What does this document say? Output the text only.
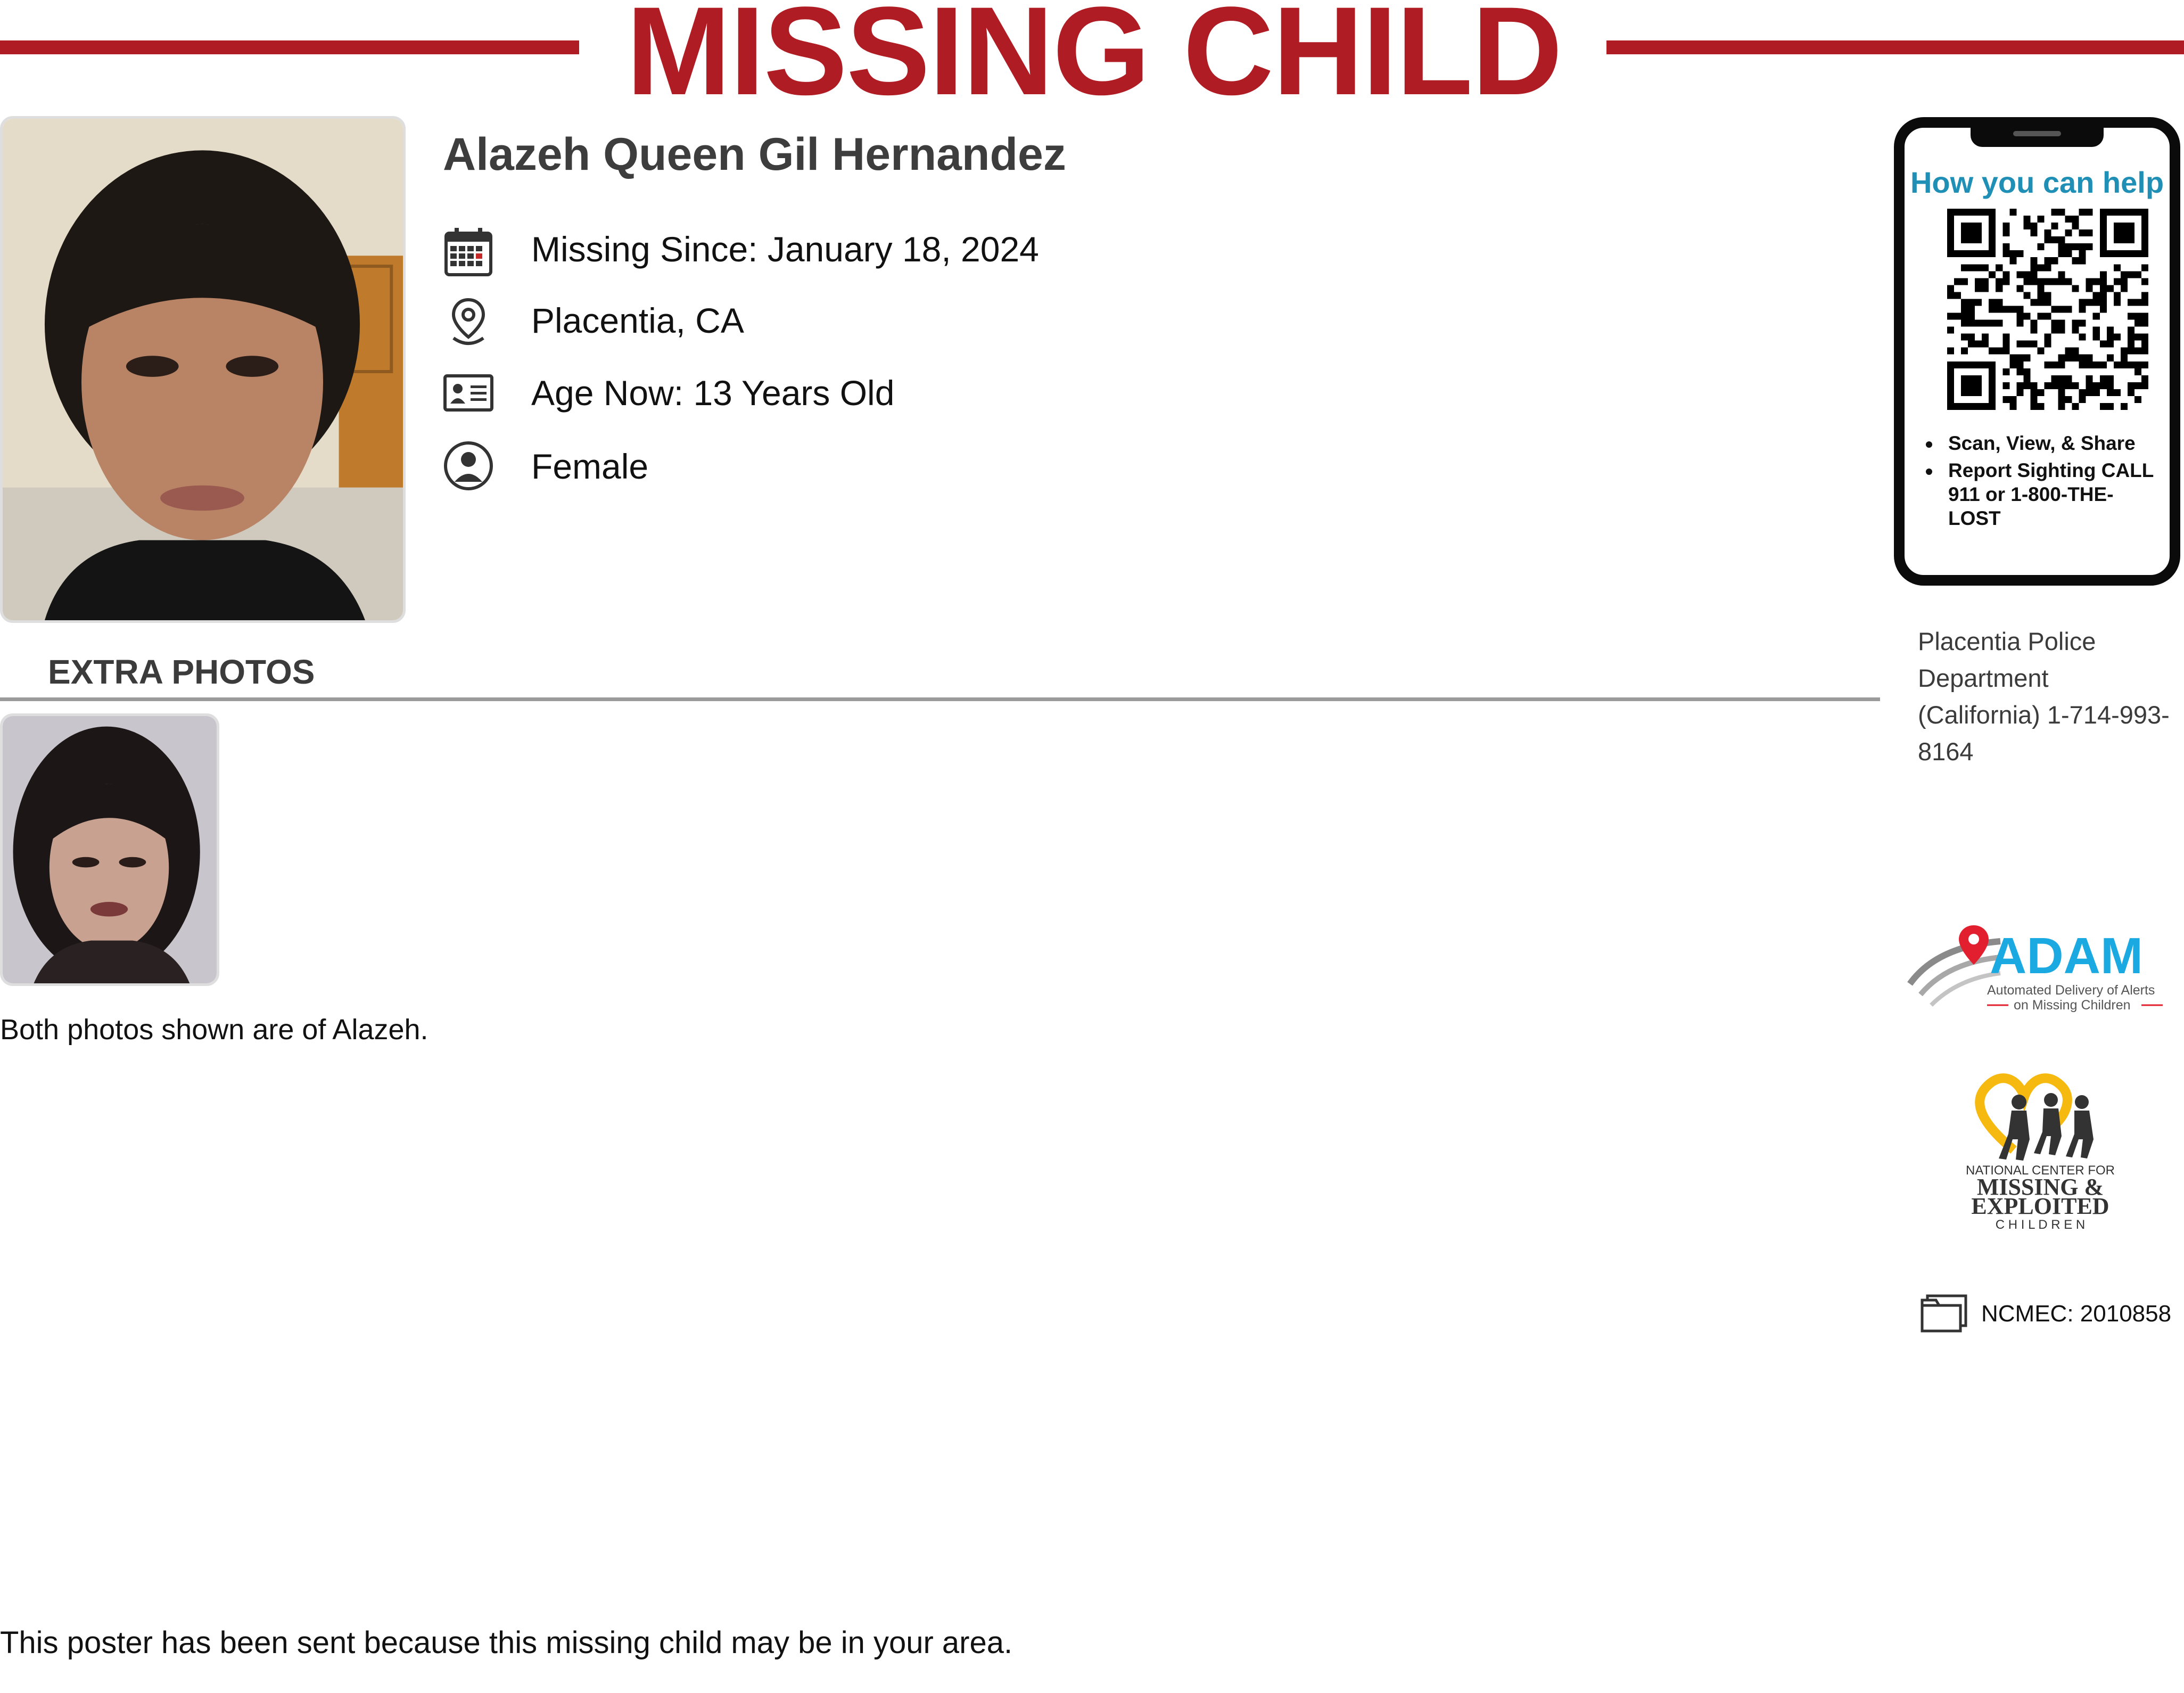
MISSING CHILD
Alazeh Queen Gil Hernandez
Missing Since: January 18, 2024
Placentia, CA
Age Now: 13 Years Old
Female
EXTRA PHOTOS
Both photos shown are of Alazeh.
This poster has been sent because this missing child may be in your area.
How you can help
Scan, View, & Share
Report Sighting CALL 911 or 1-800-THE-LOST
Placentia Police Department (California) 1-714-993-8164
ADAM
Automated Delivery of Alerts
on Missing Children
NATIONAL CENTER FOR
MISSING &
EXPLOITED
C H I L D R E N
NCMEC: 2010858
